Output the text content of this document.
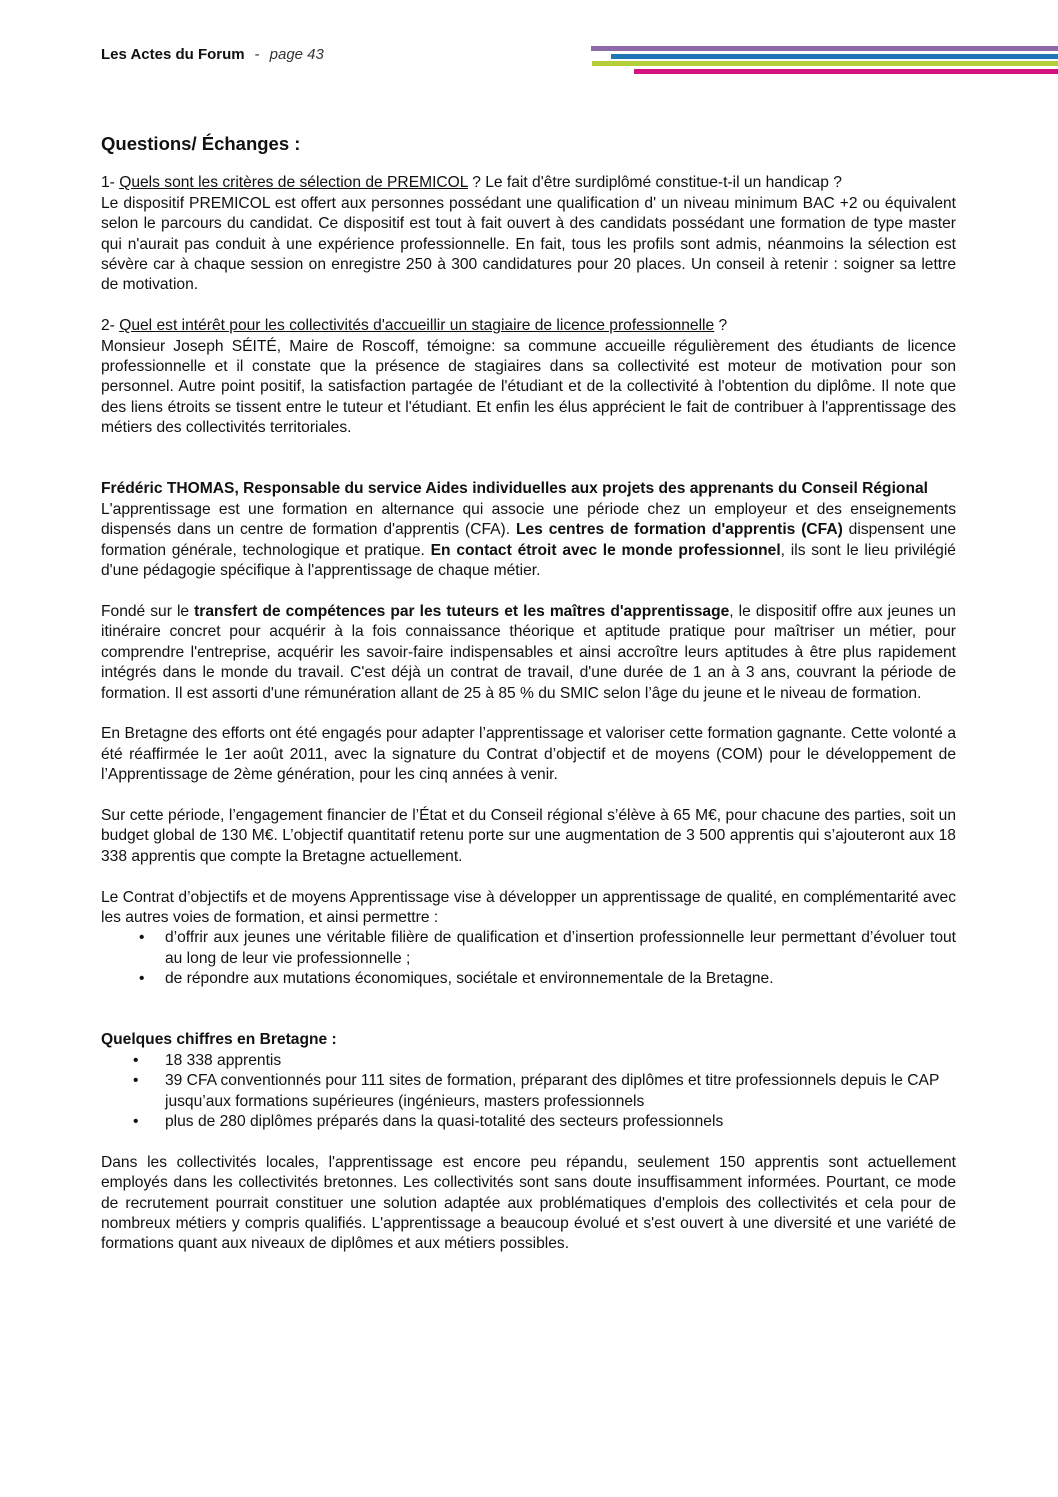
Les Actes du Forum - page 43

Questions/ Échanges :

1- Quels sont les critères de sélection de PREMICOL ? Le fait d'être surdiplômé constitue-t-il un handicap ?

Le dispositif PREMICOL est offert aux personnes possédant une qualification d' un niveau minimum BAC +2 ou équivalent selon le parcours du candidat. Ce dispositif est tout à fait ouvert à des candidats possédant une formation de type master qui n'aurait pas conduit à une expérience professionnelle. En fait, tous les profils sont admis, néanmoins la sélection est sévère car à chaque session on enregistre 250 à 300 candidatures pour 20 places. Un conseil à retenir : soigner sa lettre de motivation.

2- Quel est intérêt pour les collectivités d'accueillir un stagiaire de licence professionnelle ?

Monsieur Joseph SÉITÉ, Maire de Roscoff, témoigne: sa commune accueille régulièrement des étudiants de licence professionnelle et il constate que la présence de stagiaires dans sa collectivité est moteur de motivation pour son personnel. Autre point positif, la satisfaction partagée de l'étudiant et de la collectivité à l'obtention du diplôme. Il note que des liens étroits se tissent entre le tuteur et l'étudiant. Et enfin les élus apprécient le fait de contribuer à l'apprentissage des métiers des collectivités territoriales.

Frédéric THOMAS, Responsable du service Aides individuelles aux projets des apprenants du Conseil Régional

L'apprentissage est une formation en alternance qui associe une période chez un employeur et des enseignements dispensés dans un centre de formation d'apprentis (CFA). Les centres de formation d'apprentis (CFA) dispensent une formation générale, technologique et pratique. En contact étroit avec le monde professionnel, ils sont le lieu privilégié d'une pédagogie spécifique à l'apprentissage de chaque métier.

Fondé sur le transfert de compétences par les tuteurs et les maîtres d'apprentissage, le dispositif offre aux jeunes un itinéraire concret pour acquérir à la fois connaissance théorique et aptitude pratique pour maîtriser un métier, pour comprendre l'entreprise, acquérir les savoir-faire indispensables et ainsi accroître leurs aptitudes à être plus rapidement intégrés dans le monde du travail. C'est déjà un contrat de travail, d'une durée de 1 an à 3 ans, couvrant la période de formation. Il est assorti d'une rémunération allant de 25 à 85 % du SMIC selon l’âge du jeune et le niveau de formation.

En Bretagne des efforts ont été engagés pour adapter l’apprentissage et valoriser cette formation gagnante. Cette volonté a été réaffirmée le 1er août 2011, avec la signature du Contrat d’objectif et de moyens (COM) pour le développement de l’Apprentissage de 2ème génération, pour les cinq années à venir.

Sur cette période, l’engagement financier de l’État et du Conseil régional s’élève à 65 M€, pour chacune des parties, soit un budget global de 130 M€. L’objectif quantitatif retenu porte sur une augmentation de 3 500 apprentis qui s’ajouteront aux 18 338 apprentis que compte la Bretagne actuellement.

Le Contrat d’objectifs et de moyens Apprentissage vise à développer un apprentissage de qualité, en complémentarité avec les autres voies de formation, et ainsi permettre :

• d’offrir aux jeunes une véritable filière de qualification et d’insertion professionnelle leur permettant d’évoluer tout au long de leur vie professionnelle ;
• de répondre aux mutations économiques, sociétale et environnementale de la Bretagne.

Quelques chiffres en Bretagne :

• 18 338 apprentis
• 39 CFA conventionnés pour 111 sites de formation, préparant des diplômes et titre professionnels depuis le CAP jusqu’aux formations supérieures (ingénieurs, masters professionnels
• plus de 280 diplômes préparés dans la quasi-totalité des secteurs professionnels

Dans les collectivités locales, l'apprentissage est encore peu répandu, seulement 150 apprentis sont actuellement employés dans les collectivités bretonnes. Les collectivités sont sans doute insuffisamment informées. Pourtant, ce mode de recrutement pourrait constituer une solution adaptée aux problématiques d'emplois des collectivités et cela pour de nombreux métiers y compris qualifiés. L'apprentissage a beaucoup évolué et s'est ouvert à une diversité et une variété de formations quant aux niveaux de diplômes et aux métiers possibles.
